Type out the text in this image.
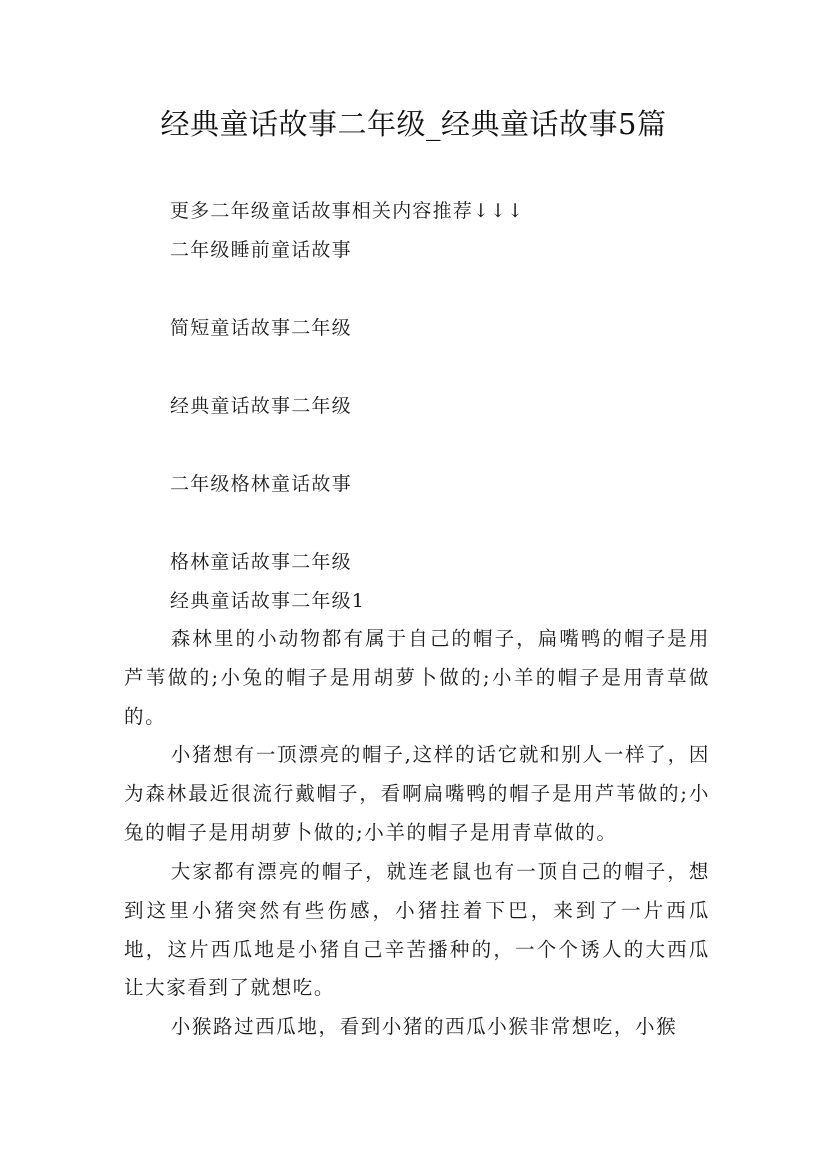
经典童话故事二年级_经典童话故事5篇
更多二年级童话故事相关内容推荐↓↓↓
二年级睡前童话故事
简短童话故事二年级
经典童话故事二年级
二年级格林童话故事
格林童话故事二年级
经典童话故事二年级1

森林里的小动物都有属于自己的帽子，扁嘴鸭的帽子是用芦苇做的;小兔的帽子是用胡萝卜做的;小羊的帽子是用青草做的。

小猪想有一顶漂亮的帽子,这样的话它就和别人一样了，因为森林最近很流行戴帽子，看啊扁嘴鸭的帽子是用芦苇做的;小兔的帽子是用胡萝卜做的;小羊的帽子是用青草做的。

大家都有漂亮的帽子，就连老鼠也有一顶自己的帽子，想到这里小猪突然有些伤感，小猪拄着下巴，来到了一片西瓜地，这片西瓜地是小猪自己辛苦播种的，一个个诱人的大西瓜让大家看到了就想吃。

小猴路过西瓜地，看到小猪的西瓜小猴非常想吃，小猴
